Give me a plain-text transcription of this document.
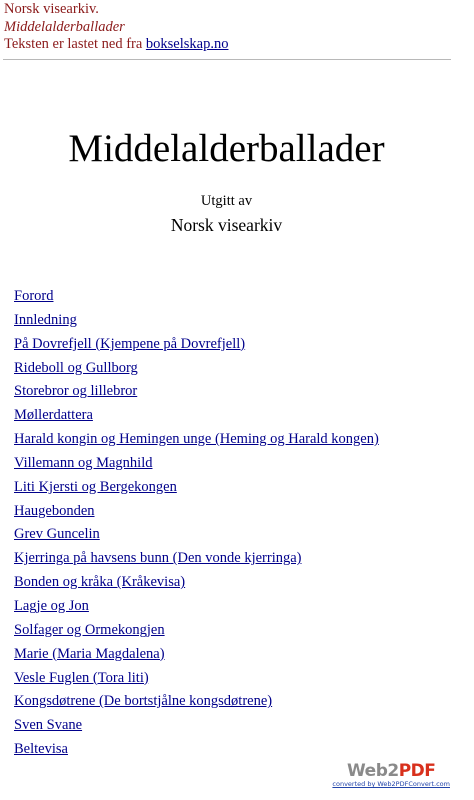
Norsk visearkiv.
Middelalderballader
Teksten er lastet ned fra bokselskap.no
Middelalderballader
Utgitt av
Norsk visearkiv
Forord
Innledning
På Dovrefjell (Kjempene på Dovrefjell)
Rideboll og Gullborg
Storebror og lillebror
Møllerdattera
Harald kongin og Hemingen unge (Heming og Harald kongen)
Villemann og Magnhild
Liti Kjersti og Bergekongen
Haugebonden
Grev Guncelin
Kjerringa på havsens bunn (Den vonde kjerringa)
Bonden og kråka (Kråkevisa)
Lagje og Jon
Solfager og Ormekongjen
Marie (Maria Magdalena)
Vesle Fuglen (Tora liti)
Kongsdøtrene (De bortstjålne kongsdøtrene)
Sven Svane
Beltevisa
Web2PDF
converted by Web2PDFConvert.com
